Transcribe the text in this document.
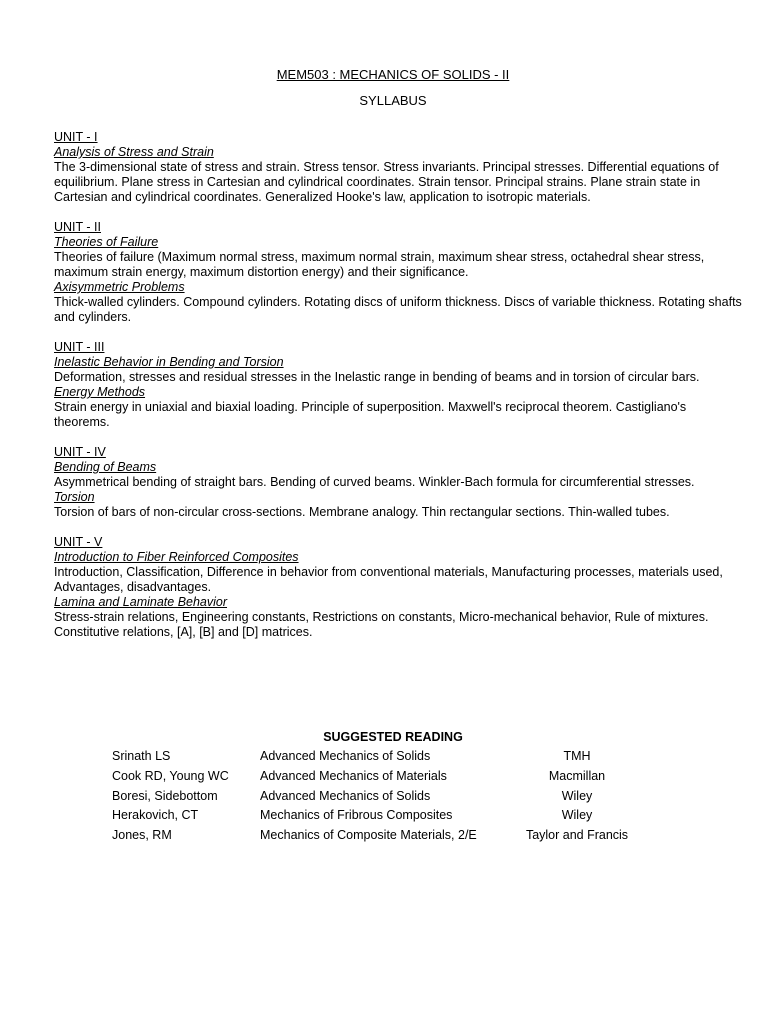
MEM503 : MECHANICS OF SOLIDS - II
SYLLABUS
UNIT - I
Analysis of Stress and Strain
The 3-dimensional state of stress and strain. Stress tensor. Stress invariants. Principal stresses. Differential equations of equilibrium. Plane stress in Cartesian and cylindrical coordinates. Strain tensor. Principal strains. Plane strain state in Cartesian and cylindrical coordinates. Generalized Hooke's law, application to isotropic materials.
UNIT - II
Theories of Failure
Theories of failure (Maximum normal stress, maximum normal strain, maximum shear stress, octahedral shear stress, maximum strain energy, maximum distortion energy) and their significance.
Axisymmetric Problems
Thick-walled cylinders. Compound cylinders. Rotating discs of uniform thickness. Discs of variable thickness. Rotating shafts and cylinders.
UNIT - III
Inelastic Behavior in Bending and Torsion
Deformation, stresses and residual stresses in the Inelastic range in bending of beams and in torsion of circular bars.
Energy Methods
Strain energy in uniaxial and biaxial loading. Principle of superposition. Maxwell's reciprocal theorem. Castigliano's theorems.
UNIT - IV
Bending of Beams
Asymmetrical bending of straight bars. Bending of curved beams. Winkler-Bach formula for circumferential stresses.
Torsion
Torsion of bars of non-circular cross-sections. Membrane analogy. Thin rectangular sections. Thin-walled tubes.
UNIT - V
Introduction to Fiber Reinforced Composites
Introduction, Classification, Difference in behavior from conventional materials, Manufacturing processes, materials used, Advantages, disadvantages.
Lamina and Laminate Behavior
Stress-strain relations, Engineering constants, Restrictions on constants, Micro-mechanical behavior, Rule of mixtures. Constitutive relations, [A], [B] and [D] matrices.
SUGGESTED READING
Srinath LS	Advanced Mechanics of Solids	TMH
Cook RD, Young WC	Advanced Mechanics of Materials	Macmillan
Boresi, Sidebottom	Advanced Mechanics of Solids	Wiley
Herakovich, CT	Mechanics of Fribrous Composites	Wiley
Jones, RM	Mechanics of Composite Materials, 2/E	Taylor and Francis
